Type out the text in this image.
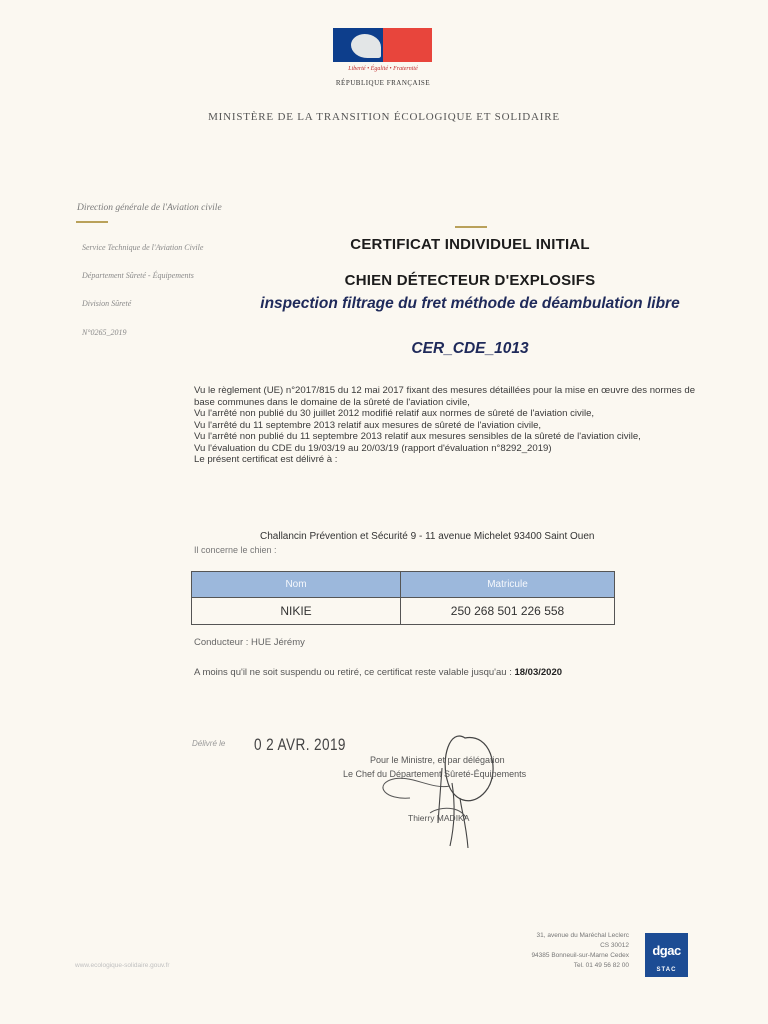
Liberté • Égalité • Fraternité
RÉPUBLIQUE FRANÇAISE
MINISTÈRE DE LA TRANSITION ÉCOLOGIQUE ET SOLIDAIRE
Direction générale de l'Aviation civile
Service Technique de l'Aviation Civile
Département Sûreté - Équipements
Division Sûreté
N°0265_2019
CERTIFICAT INDIVIDUEL INITIAL
CHIEN DÉTECTEUR D'EXPLOSIFS
inspection filtrage du fret méthode de déambulation libre
CER_CDE_1013

Vu le règlement (UE) n°2017/815 du 12 mai 2017 fixant des mesures détaillées pour la mise en œuvre des normes de base communes dans le domaine de la sûreté de l'aviation civile,

Vu l'arrêté non publié du 30 juillet 2012 modifié relatif aux normes de sûreté de l'aviation civile,

Vu l'arrêté du 11 septembre 2013 relatif aux mesures de sûreté de l'aviation civile,

Vu l'arrêté non publié du 11 septembre 2013 relatif aux mesures sensibles de la sûreté de l'aviation civile,

Vu l'évaluation du CDE du 19/03/19 au 20/03/19 (rapport d'évaluation n°8292_2019)

Le présent certificat est délivré à :

Challancin Prévention et Sécurité 9 - 11 avenue Michelet 93400 Saint Ouen
Il concerne le chien :
Nom	Matricule
NIKIE	250 268 501 226 558
Conducteur : HUE Jérémy
A moins qu'il ne soit suspendu ou retiré, ce certificat reste valable jusqu'au : 18/03/2020
Délivré le 0 2 AVR. 2019
Pour le Ministre, et par délégation
Le Chef du Département Sûreté-Équipements
Thierry MADIKA
31, avenue du Maréchal Leclerc
CS 30012
94385 Bonneuil-sur-Marne Cedex
Tel. 01 49 56 82 00
dgac
STAC
www.ecologique-solidaire.gouv.fr
